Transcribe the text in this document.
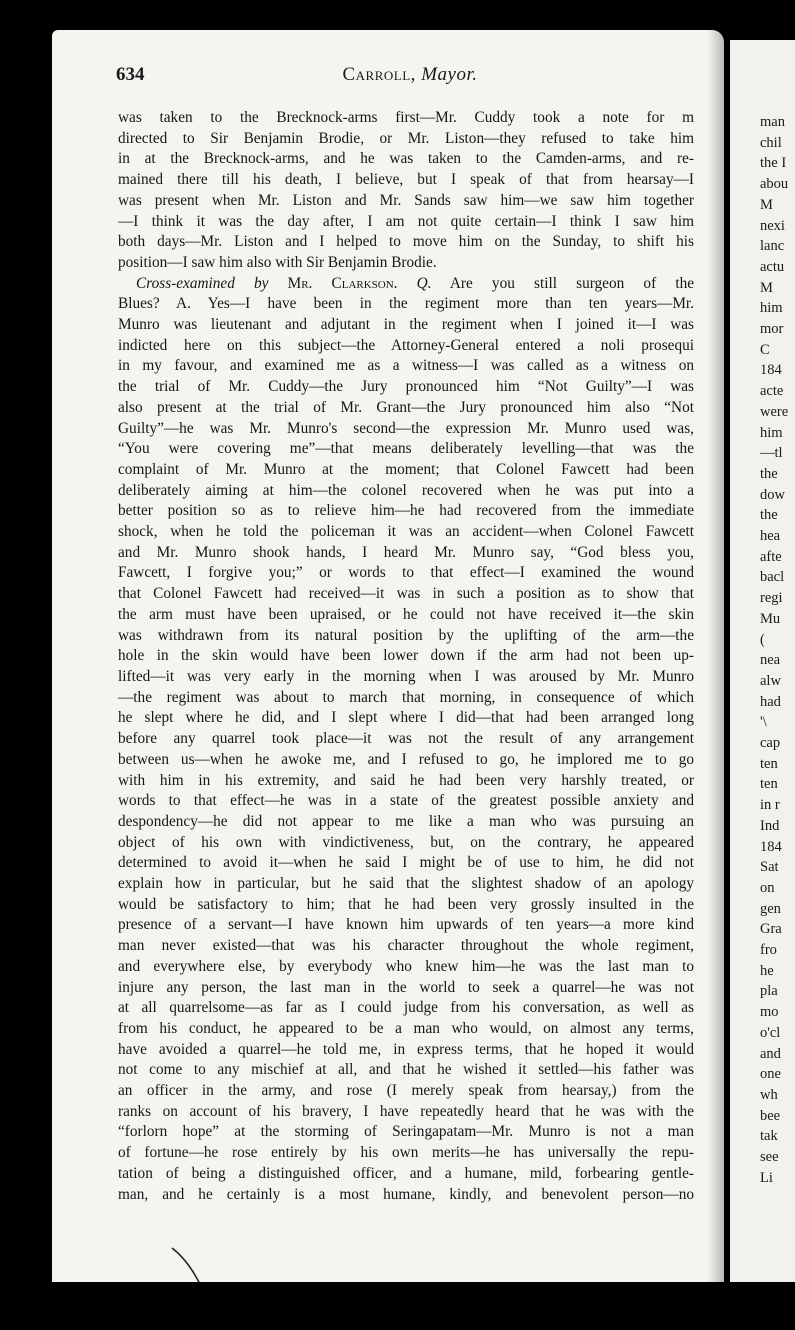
634	Carroll, Mayor.
was taken to the Brecknock-arms first—Mr. Cuddy took a note for m
directed to Sir Benjamin Brodie, or Mr. Liston—they refused to take him
in at the Brecknock-arms, and he was taken to the Camden-arms, and re-
mained there till his death, I believe, but I speak of that from hearsay—I
was present when Mr. Liston and Mr. Sands saw him—we saw him together
—I think it was the day after, I am not quite certain—I think I saw him
both days—Mr. Liston and I helped to move him on the Sunday, to shift his
position—I saw him also with Sir Benjamin Brodie.
Cross-examined by Mr. Clarkson. Q. Are you still surgeon of the
Blues? A. Yes—I have been in the regiment more than ten years—Mr.
Munro was lieutenant and adjutant in the regiment when I joined it—I was
indicted here on this subject—the Attorney-General entered a noli prosequi
in my favour, and examined me as a witness—I was called as a witness on
the trial of Mr. Cuddy—the Jury pronounced him “Not Guilty”—I was
also present at the trial of Mr. Grant—the Jury pronounced him also “Not
Guilty”—he was Mr. Munro's second—the expression Mr. Munro used was,
“You were covering me”—that means deliberately levelling—that was the
complaint of Mr. Munro at the moment; that Colonel Fawcett had been
deliberately aiming at him—the colonel recovered when he was put into a
better position so as to relieve him—he had recovered from the immediate
shock, when he told the policeman it was an accident—when Colonel Fawcett
and Mr. Munro shook hands, I heard Mr. Munro say, “God bless you,
Fawcett, I forgive you;” or words to that effect—I examined the wound
that Colonel Fawcett had received—it was in such a position as to show that
the arm must have been upraised, or he could not have received it—the skin
was withdrawn from its natural position by the uplifting of the arm—the
hole in the skin would have been lower down if the arm had not been up-
lifted—it was very early in the morning when I was aroused by Mr. Munro
—the regiment was about to march that morning, in consequence of which
he slept where he did, and I slept where I did—that had been arranged long
before any quarrel took place—it was not the result of any arrangement
between us—when he awoke me, and I refused to go, he implored me to go
with him in his extremity, and said he had been very harshly treated, or
words to that effect—he was in a state of the greatest possible anxiety and
despondency—he did not appear to me like a man who was pursuing an
object of his own with vindictiveness, but, on the contrary, he appeared
determined to avoid it—when he said I might be of use to him, he did not
explain how in particular, but he said that the slightest shadow of an apology
would be satisfactory to him; that he had been very grossly insulted in the
presence of a servant—I have known him upwards of ten years—a more kind
man never existed—that was his character throughout the whole regiment,
and everywhere else, by everybody who knew him—he was the last man to
injure any person, the last man in the world to seek a quarrel—he was not
at all quarrelsome—as far as I could judge from his conversation, as well as
from his conduct, he appeared to be a man who would, on almost any terms,
have avoided a quarrel—he told me, in express terms, that he hoped it would
not come to any mischief at all, and that he wished it settled—his father was
an officer in the army, and rose (I merely speak from hearsay,) from the
ranks on account of his bravery, I have repeatedly heard that he was with the
“forlorn hope” at the storming of Seringapatam—Mr. Munro is not a man
of fortune—he rose entirely by his own merits—he has universally the repu-
tation of being a distinguished officer, and a humane, mild, forbearing gentle-
man, and he certainly is a most humane, kindly, and benevolent person—no
man
chil
the I
abou
M
nexi
lanc
actu
M
him
mor
C
184
acte
were
him
—tl
the
dow
the
hea
afte
bacl
regi
Mu
(
nea
alw
had
'\
cap
ten
ten
in r
Ind
184
Sat
on
gen
Gra
fro
he
pla
mo
o'cl
and
one
wh
bee
tak
see
Li
